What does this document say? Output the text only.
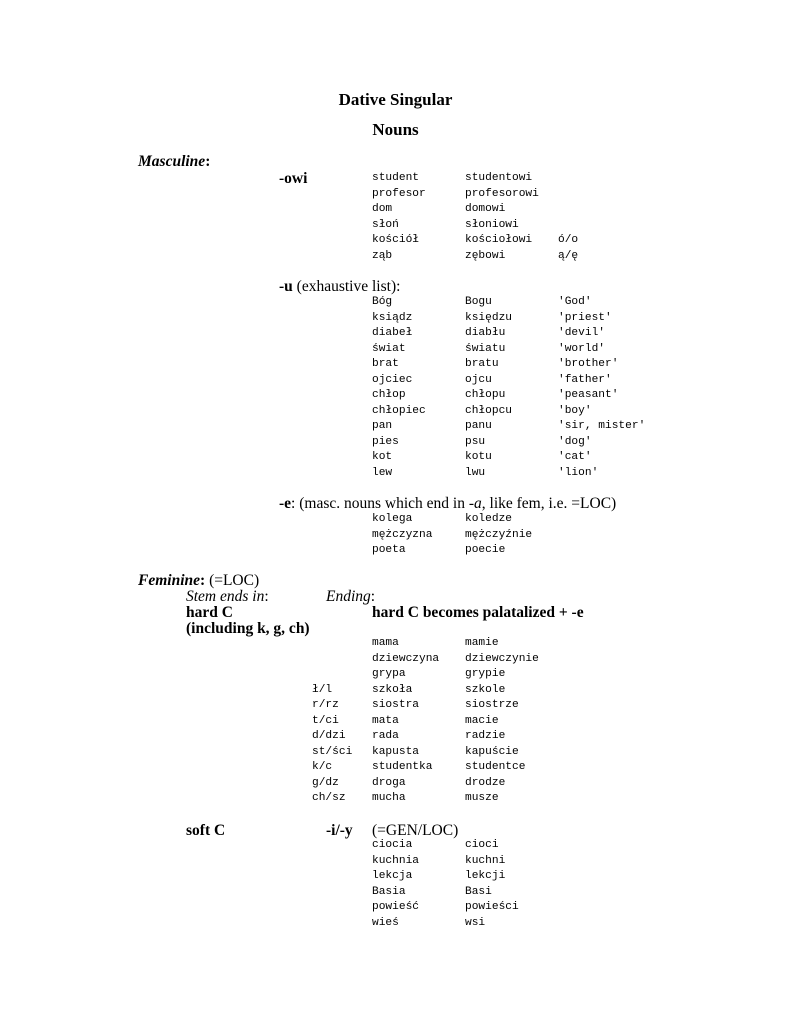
Dative Singular
Nouns
Masculine:
-owi	student	studentowi
profesor	profesorowi
dom	domowi
słoń	słoniowi
kościół	kościołowi ó/o
ząb	zębowi	ą/ę
-u (exhaustive list):
Bóg	Bogu	'God'
ksiądz	księdzu	'priest'
diabeł	diabłu	'devil'
świat	światu	'world'
brat	bratu	'brother'
ojciec	ojcu	'father'
chłop	chłopu	'peasant'
chłopiec	chłopcu	'boy'
pan	panu	'sir, mister'
pies	psu	'dog'
kot	kotu	'cat'
lew	lwu	'lion'
-e: (masc. nouns which end in -a, like fem, i.e. =LOC)
kolega	koledze
mężczyzna	mężczyźnie
poeta	poecie
Feminine: (=LOC)
Stem ends in:	Ending:
hard C	hard C becomes palatalized + -e
(including k, g, ch)
mama	mamie
dziewczyna dziewczynie
grypa	grypie
ł/l	szkoła	szkole
r/rz	siostra	siostrze
t/ci	mata	macie
d/dzi rada	radzie
st/ści kapusta	kapuście
k/c	studentka	studentce
g/dz	droga	drodze
ch/sz mucha	musze
soft C	-i/-y (=GEN/LOC)
ciocia	cioci
kuchnia	kuchni
lekcja	lekcji
Basia	Basi
powieść	powieści
wieś	wsi
